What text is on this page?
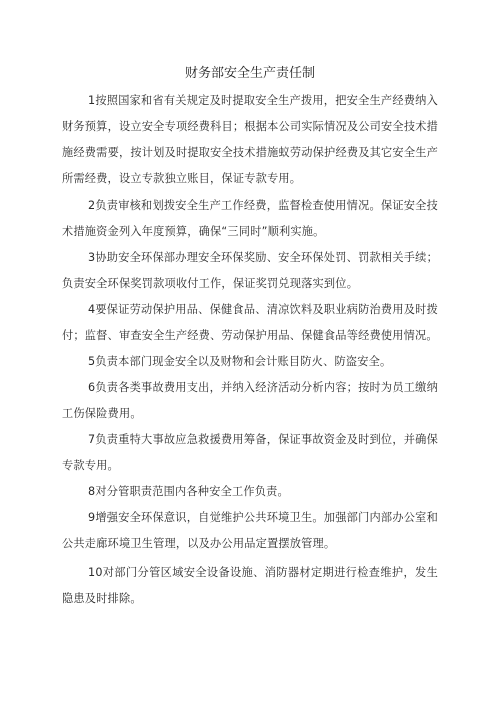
财务部安全生产责任制
1按照国家和省有关规定及时提取安全生产拨用，把安全生产经费纳入财务预算，设立安全专项经费科目；根据本公司实际情况及公司安全技术措施经费需要，按计划及时提取安全技术措施蚁劳动保护经费及其它安全生产所需经费，设立专款独立账目，保证专款专用。
2负责审核和划拨安全生产工作经费，监督检查使用情况。保证安全技术措施资金列入年度预算，确保“三同时”顺利实施。
3协助安全环保部办理安全环保奖励、安全环保处罚、罚款相关手续；负责安全环保奖罚款项收付工作，保证奖罚兑现落实到位。
4要保证劳动保护用品、保健食品、清凉饮料及职业病防治费用及时拨付；监督、审查安全生产经费、劳动保护用品、保健食品等经费使用情况。
5负责本部门现金安全以及财物和会计账目防火、防盗安全。
6负责各类事故费用支出，并纳入经济活动分析内容；按时为员工缴纳工伤保险费用。
7负责重特大事故应急救援费用筹备，保证事故资金及时到位，并确保专款专用。
8对分管职责范围内各种安全工作负责。
9增强安全环保意识，自觉维护公共环境卫生。加强部门内部办公室和公共走廊环境卫生管理，以及办公用品定置摆放管理。
10对部门分管区域安全设备设施、消防器材定期进行检查维护，发生隐患及时排除。
